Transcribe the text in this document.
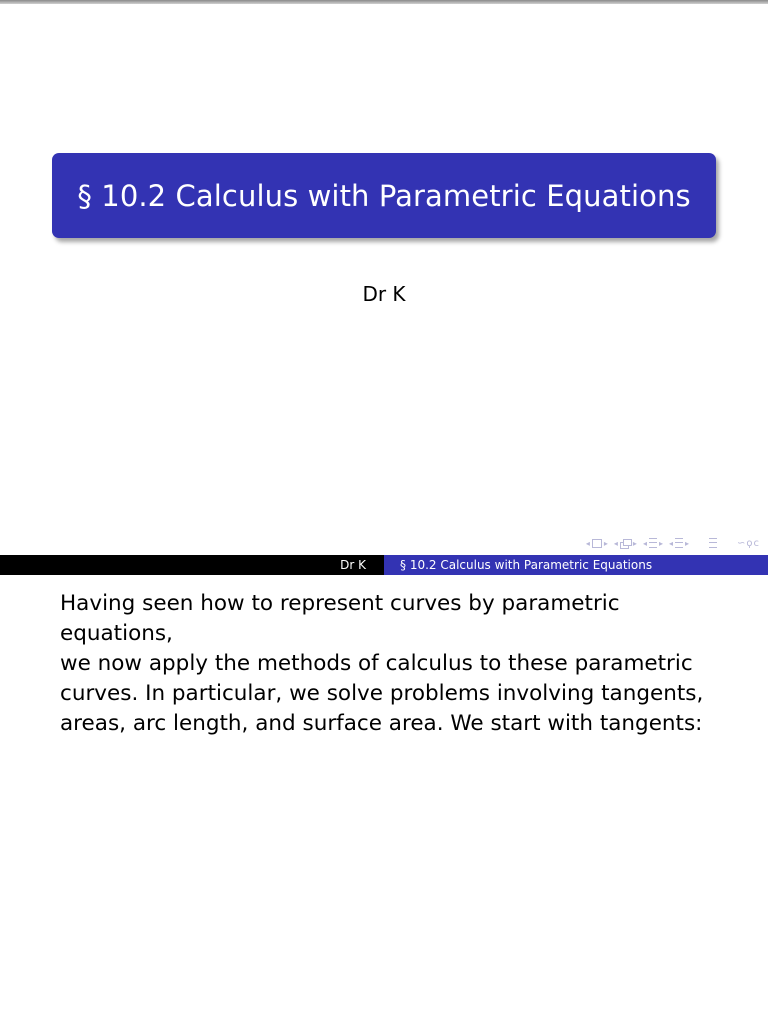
§ 10.2 Calculus with Parametric Equations
Dr K
◂ ▸ ◂ ▸ ◂ ▸ ◂ ▸	∽ϙϲ
Dr K	§ 10.2 Calculus with Parametric Equations
Having seen how to represent curves by parametric equations,
we now apply the methods of calculus to these parametric
curves. In particular, we solve problems involving tangents,
areas, arc length, and surface area. We start with tangents:
